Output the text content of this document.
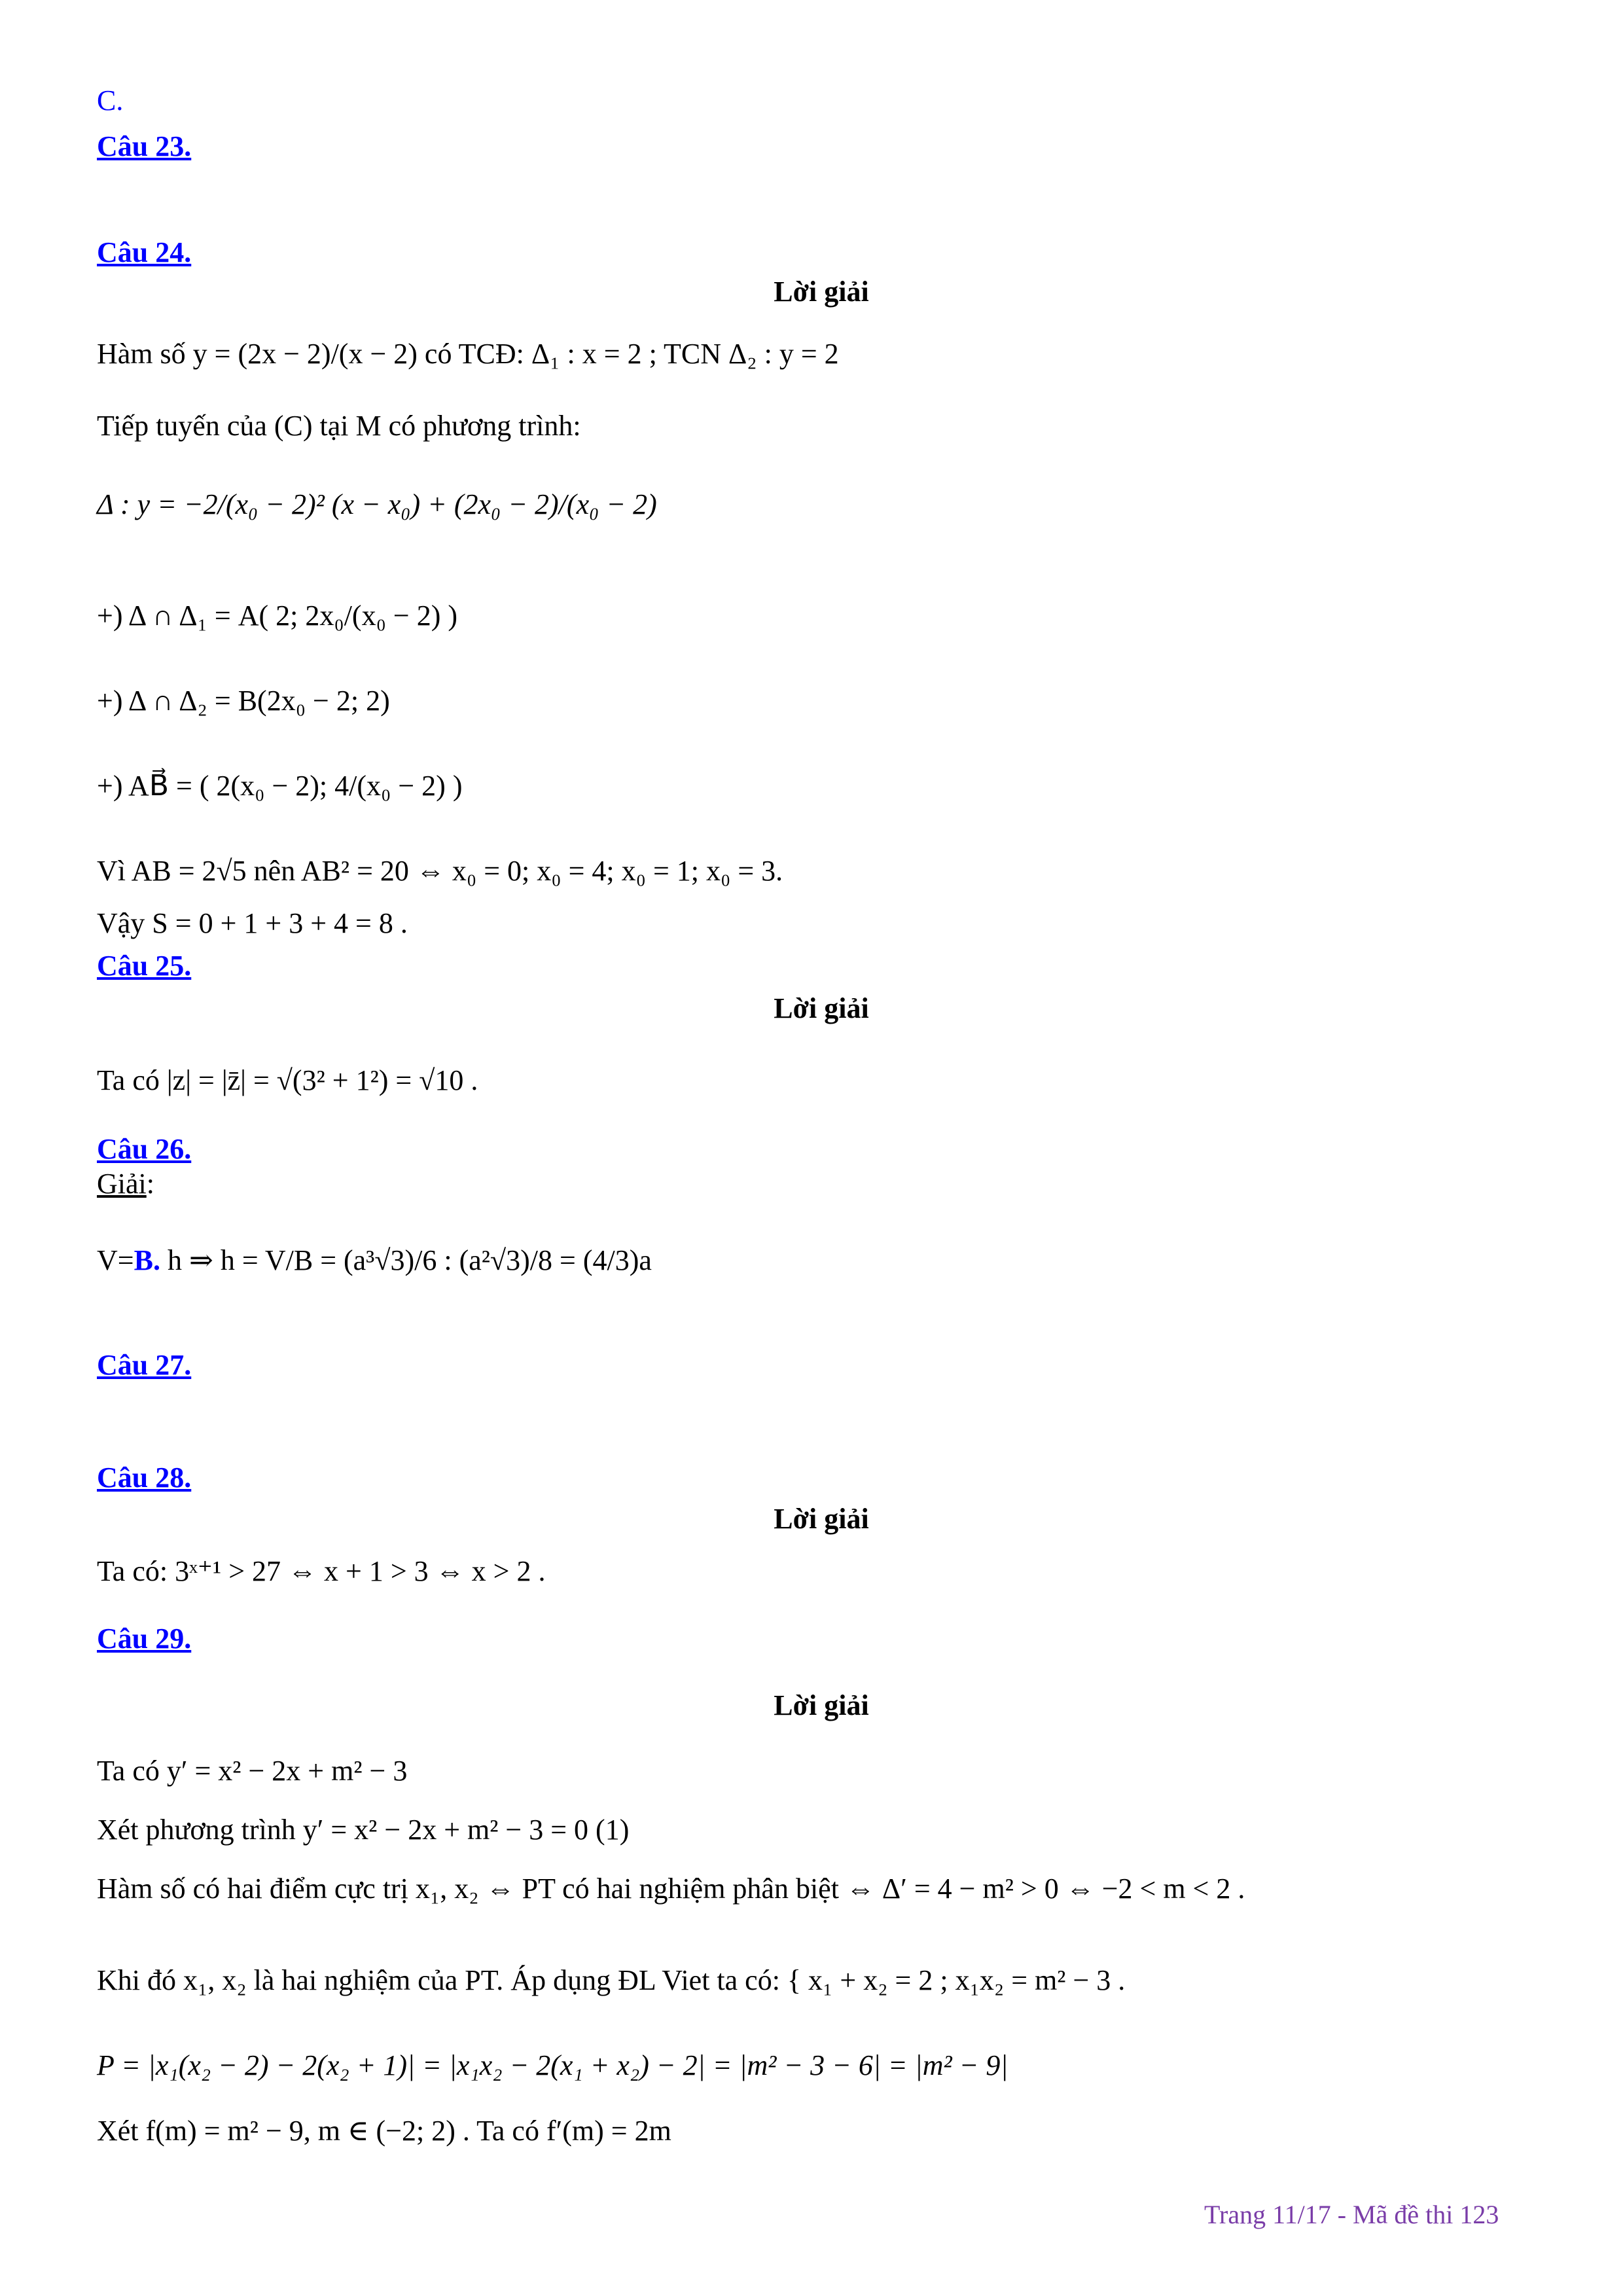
C.
Câu 23.
Câu 24.
Lời giải
Hàm số y = (2x − 2)/(x − 2) có TCĐ: Δ₁ : x = 2 ; TCN Δ₂ : y = 2
Tiếp tuyến của (C) tại M có phương trình:
Δ : y = −2/(x₀ − 2)² (x − x₀) + (2x₀ − 2)/(x₀ − 2)
+) Δ ∩ Δ₁ = A( 2; 2x₀/(x₀ − 2) )
+) Δ ∩ Δ₂ = B(2x₀ − 2; 2)
+) AB⃗ = ( 2(x₀ − 2); 4/(x₀ − 2) )
Vì AB = 2√5 nên AB² = 20 ⇔ x₀ = 0; x₀ = 4; x₀ = 1; x₀ = 3.
Vậy S = 0 + 1 + 3 + 4 = 8 .
Câu 25.
Lời giải
Ta có |z| = |z̄| = √(3² + 1²) = √10 .
Câu 26.
Giải:
V=B. h ⇒ h = V/B = (a³√3)/6 : (a²√3)/8 = (4/3)a
Câu 27.
Câu 28.
Lời giải
Ta có: 3ˣ⁺¹ > 27 ⇔ x + 1 > 3 ⇔ x > 2 .
Câu 29.
Lời giải
Ta có y′ = x² − 2x + m² − 3
Xét phương trình y′ = x² − 2x + m² − 3 = 0 (1)
Hàm số có hai điểm cực trị x₁, x₂ ⇔ PT có hai nghiệm phân biệt ⇔ Δ′ = 4 − m² > 0 ⇔ −2 < m < 2 .
Khi đó x₁, x₂ là hai nghiệm của PT. Áp dụng ĐL Viet ta có: { x₁ + x₂ = 2 ; x₁x₂ = m² − 3 .
P = |x₁(x₂ − 2) − 2(x₂ + 1)| = |x₁x₂ − 2(x₁ + x₂) − 2| = |m² − 3 − 6| = |m² − 9|
Xét f(m) = m² − 9, m ∈ (−2; 2) . Ta có f′(m) = 2m
Trang 11/17 - Mã đề thi 123
